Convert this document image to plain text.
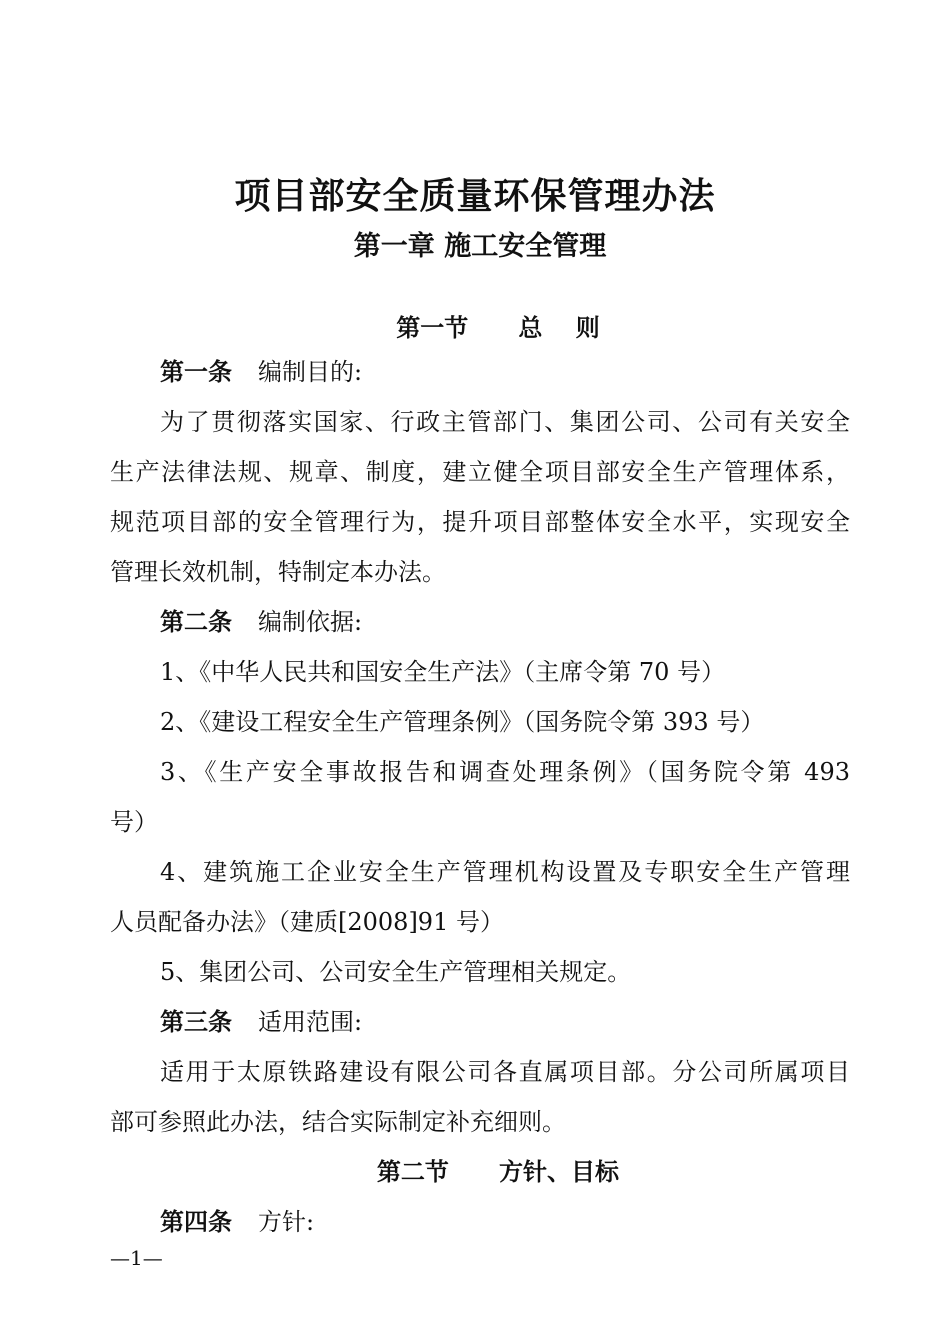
项目部安全质量环保管理办法
第一章 施工安全管理
第一节      总    则

第一条 编制目的:

为了贯彻落实国家、行政主管部门、集团公司、公司有关安全

生产法律法规、规章、制度，建立健全项目部安全生产管理体系，

规范项目部的安全管理行为，提升项目部整体安全水平，实现安全

管理长效机制，特制定本办法。

第二条 编制依据:

1、《中华人民共和国安全生产法》（主席令第 70 号）

2、《建设工程安全生产管理条例》（国务院令第 393 号）

3、《生产安全事故报告和调查处理条例》（国务院令第 493

号）

4、建筑施工企业安全生产管理机构设置及专职安全生产管理

人员配备办法》（建质[2008]91 号）

5、集团公司、公司安全生产管理相关规定。

第三条 适用范围:

适用于太原铁路建设有限公司各直属项目部。分公司所属项目

部可参照此办法，结合实际制定补充细则。

第二节      方针、目标

第四条 方针:

—1—
